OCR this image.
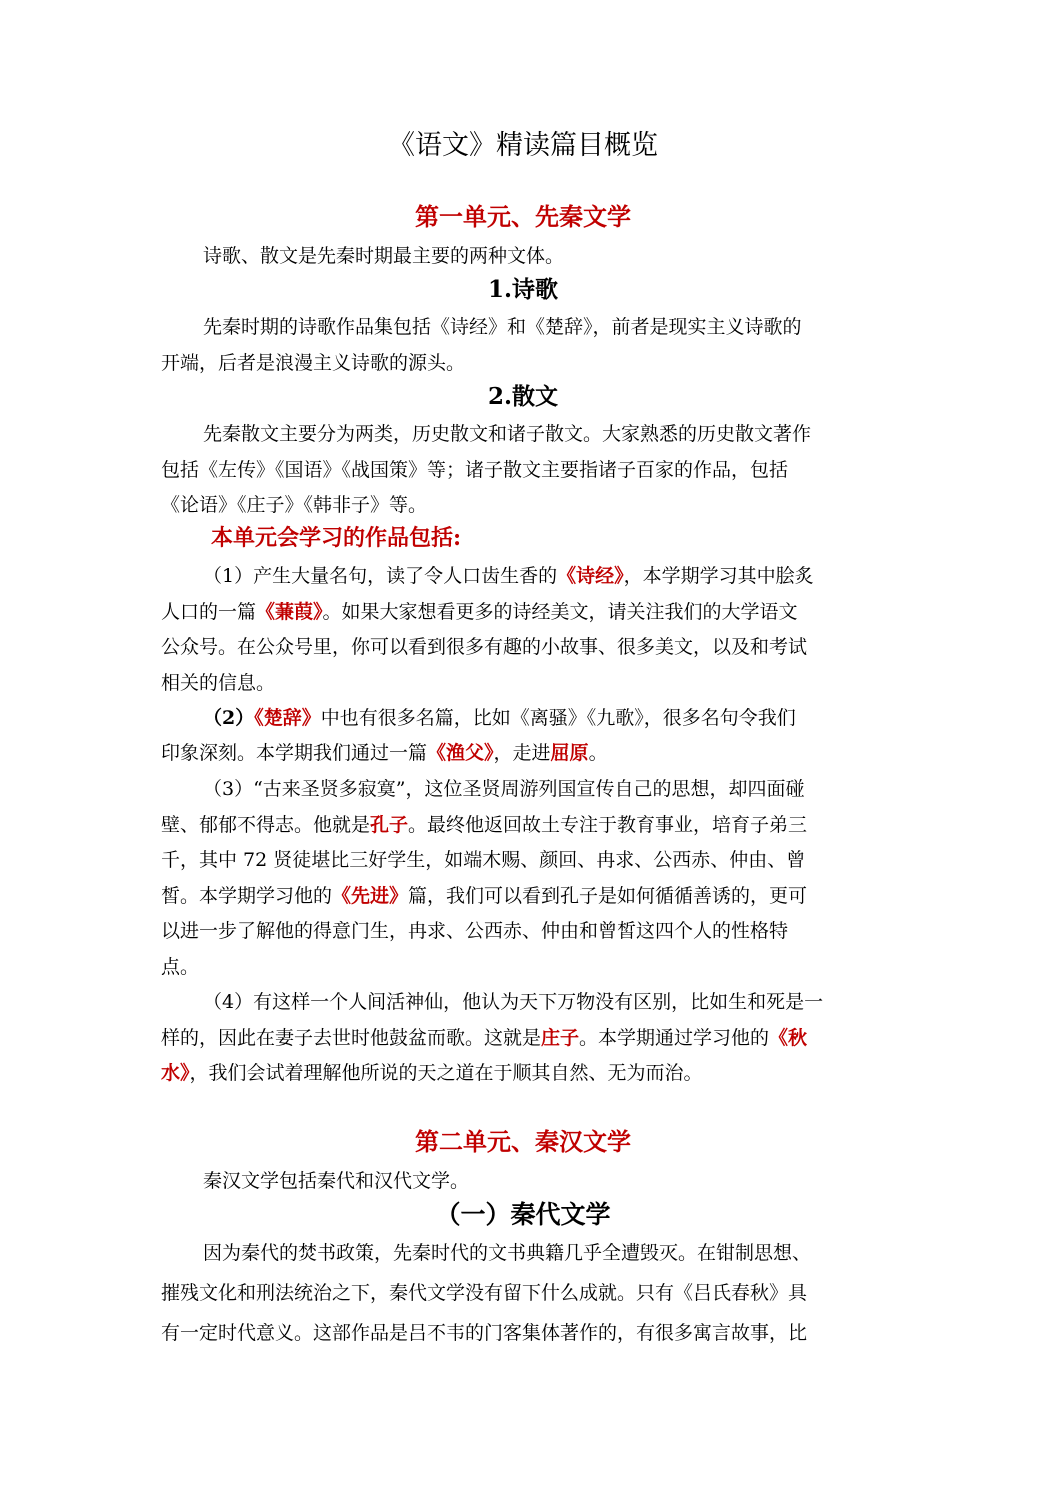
《语文》精读篇目概览
第一单元、先秦文学
诗歌、散文是先秦时期最主要的两种文体。
1.诗歌
先秦时期的诗歌作品集包括《诗经》和《楚辞》，前者是现实主义诗歌的
开端，后者是浪漫主义诗歌的源头。
2.散文
先秦散文主要分为两类，历史散文和诸子散文。大家熟悉的历史散文著作
包括《左传》《国语》《战国策》等；诸子散文主要指诸子百家的作品，包括
《论语》《庄子》《韩非子》等。
本单元会学习的作品包括:
（1）产生大量名句，读了令人口齿生香的《诗经》，本学期学习其中脍炙
人口的一篇《蒹葭》。如果大家想看更多的诗经美文，请关注我们的大学语文
公众号。在公众号里，你可以看到很多有趣的小故事、很多美文，以及和考试
相关的信息。
（2）《楚辞》中也有很多名篇，比如《离骚》《九歌》，很多名句令我们
印象深刻。本学期我们通过一篇《渔父》，走进屈原。
（3）“古来圣贤多寂寞”，这位圣贤周游列国宣传自己的思想，却四面碰
壁、郁郁不得志。他就是孔子。最终他返回故土专注于教育事业，培育子弟三
千，其中 72 贤徒堪比三好学生，如端木赐、颜回、冉求、公西赤、仲由、曾
皙。本学期学习他的《先进》篇，我们可以看到孔子是如何循循善诱的，更可
以进一步了解他的得意门生，冉求、公西赤、仲由和曾皙这四个人的性格特
点。
（4）有这样一个人间活神仙，他认为天下万物没有区别，比如生和死是一
样的，因此在妻子去世时他鼓盆而歌。这就是庄子。本学期通过学习他的《秋
水》，我们会试着理解他所说的天之道在于顺其自然、无为而治。
第二单元、秦汉文学
秦汉文学包括秦代和汉代文学。
（一）秦代文学
因为秦代的焚书政策，先秦时代的文书典籍几乎全遭毁灭。在钳制思想、
摧残文化和刑法统治之下，秦代文学没有留下什么成就。只有《吕氏春秋》具
有一定时代意义。这部作品是吕不韦的门客集体著作的，有很多寓言故事，比
